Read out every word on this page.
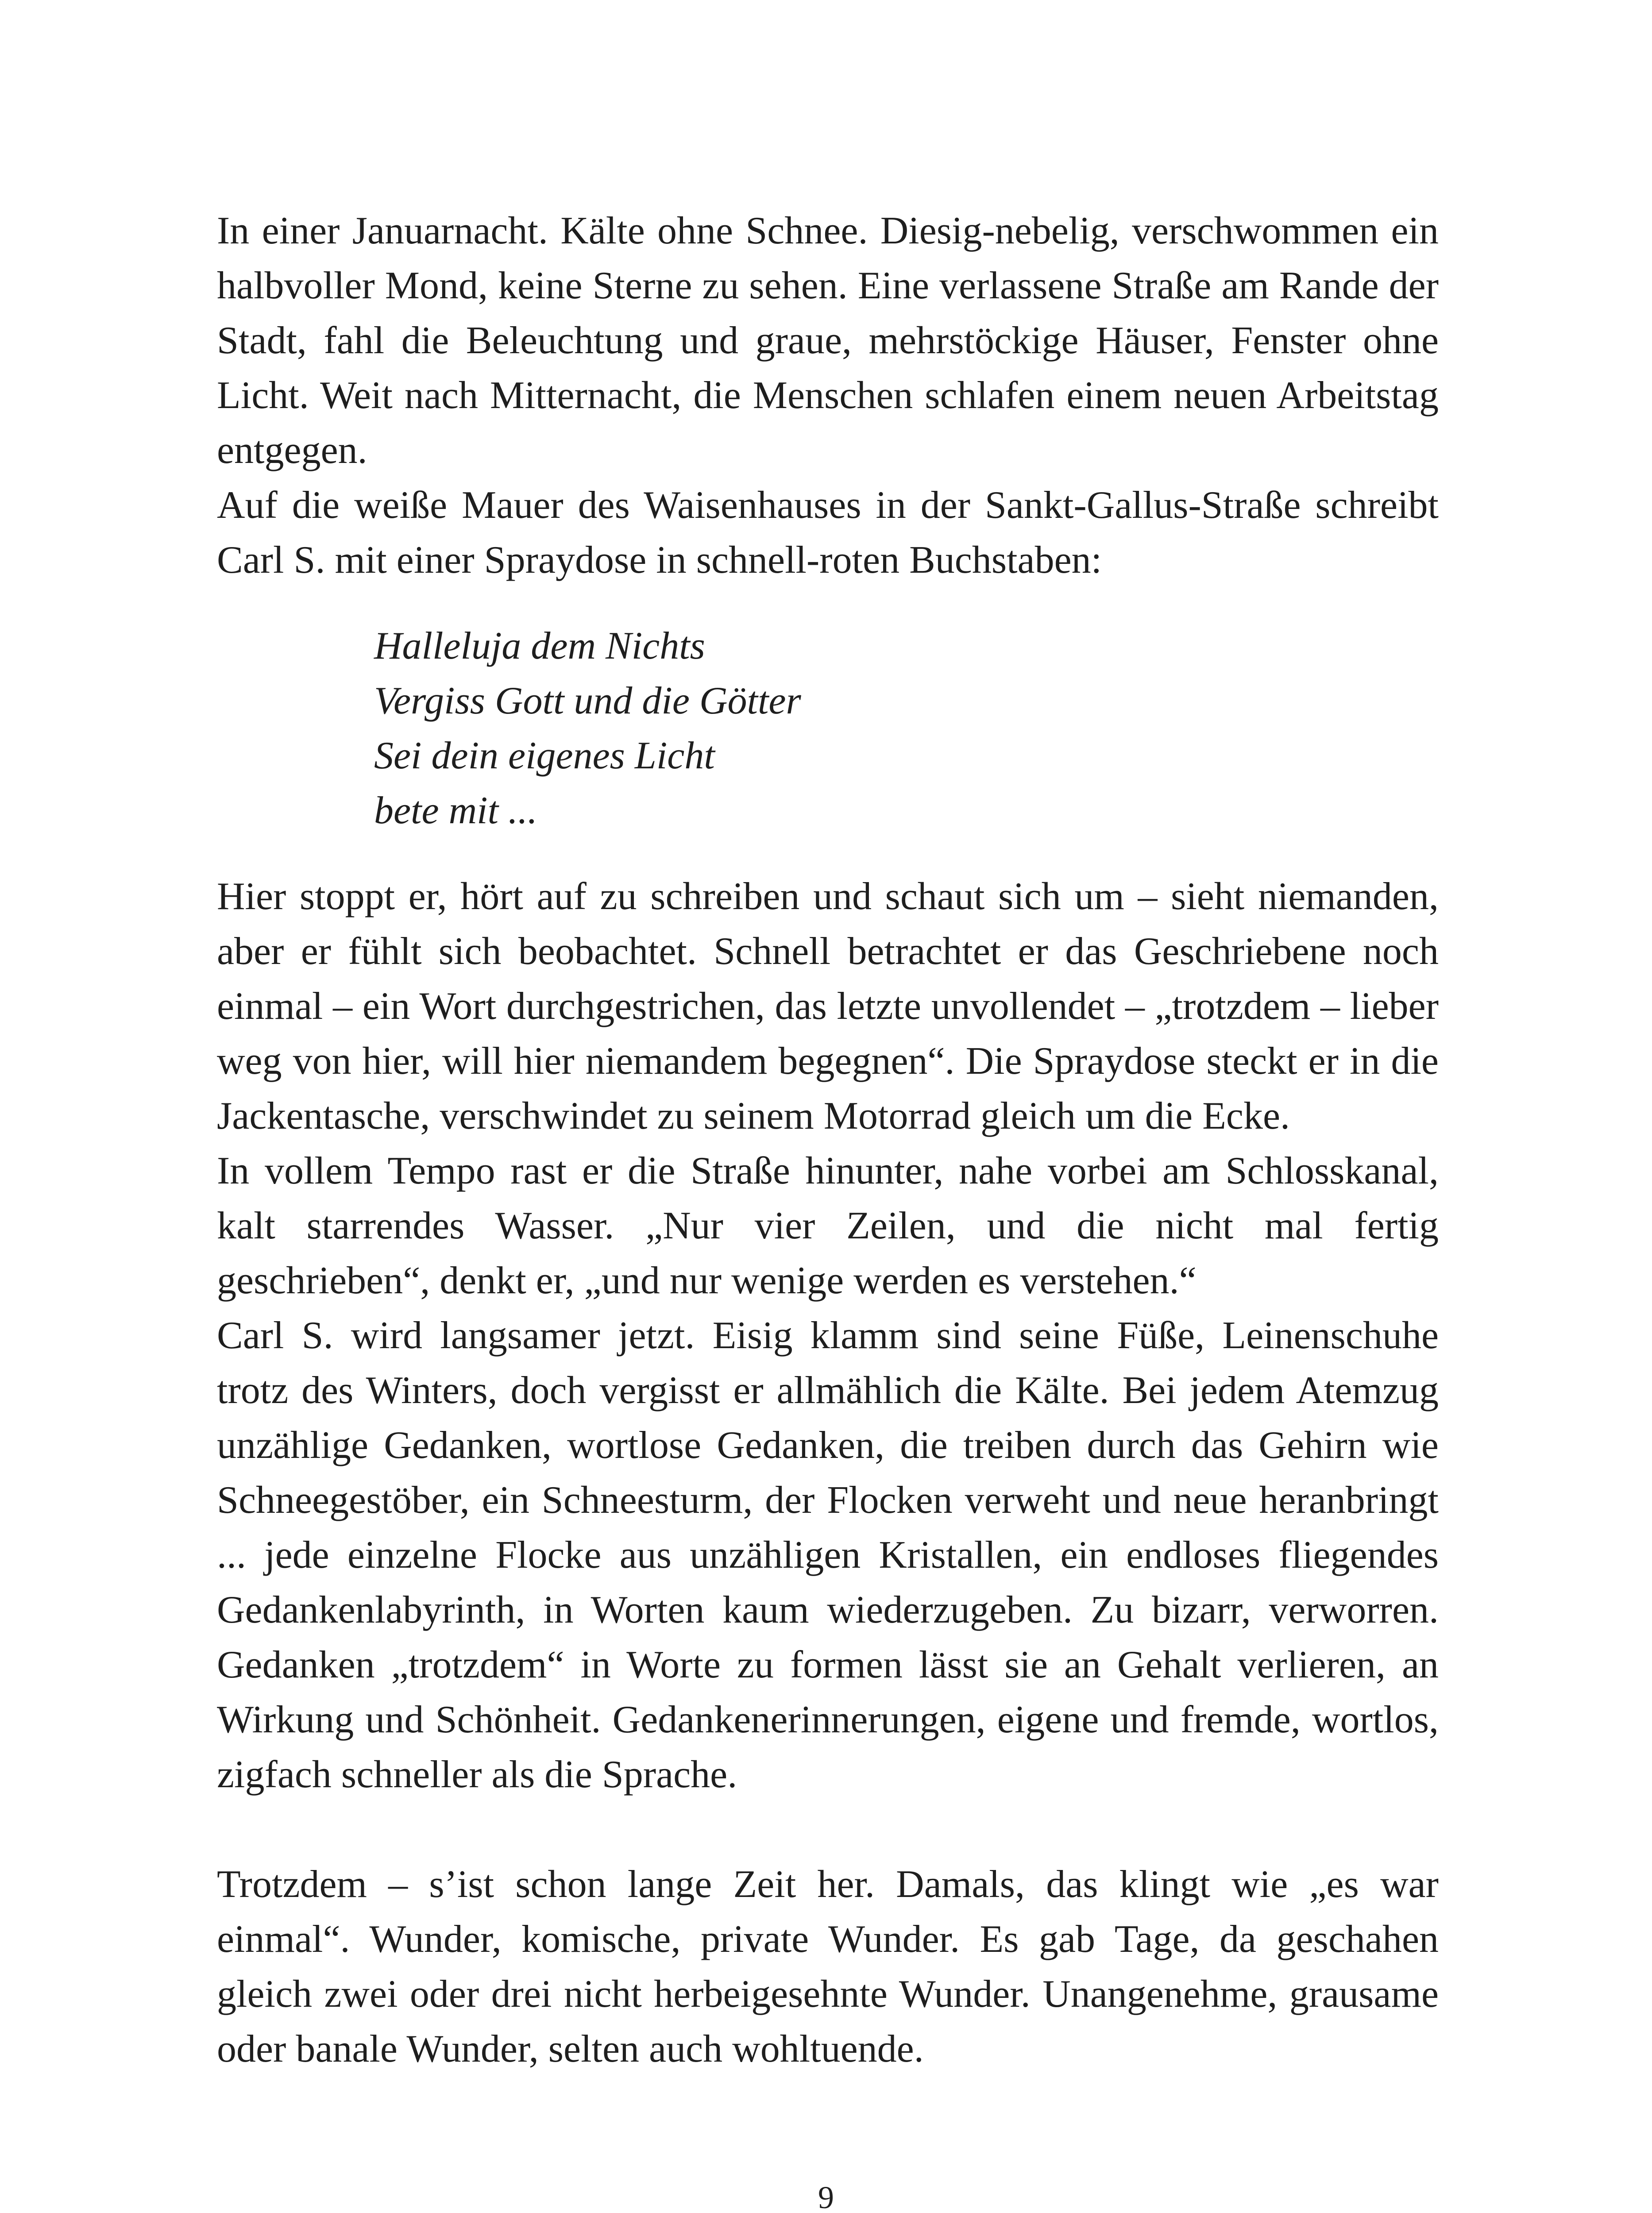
In einer Januarnacht. Kälte ohne Schnee. Diesig-nebelig, verschwommen ein halbvoller Mond, keine Sterne zu sehen. Eine verlassene Straße am Rande der Stadt, fahl die Beleuchtung und graue, mehrstöckige Häuser, Fenster ohne Licht. Weit nach Mitternacht, die Menschen schlafen einem neuen Arbeitstag entgegen.

Auf die weiße Mauer des Waisenhauses in der Sankt-Gallus-Straße schreibt Carl S. mit einer Spraydose in schnell-roten Buchstaben:

Halleluja dem Nichts
Vergiss Gott und die Götter
Sei dein eigenes Licht
bete mit ...

Hier stoppt er, hört auf zu schreiben und schaut sich um – sieht niemanden, aber er fühlt sich beobachtet. Schnell betrachtet er das Geschriebene noch einmal – ein Wort durchgestrichen, das letzte unvollendet – „trotzdem – lieber weg von hier, will hier niemandem begegnen“. Die Spraydose steckt er in die Jackentasche, verschwindet zu seinem Motorrad gleich um die Ecke.

In vollem Tempo rast er die Straße hinunter, nahe vorbei am Schlosskanal, kalt starrendes Wasser. „Nur vier Zeilen, und die nicht mal fertig geschrieben“, denkt er, „und nur wenige werden es verstehen.“

Carl S. wird langsamer jetzt. Eisig klamm sind seine Füße, Leinenschuhe trotz des Winters, doch vergisst er allmählich die Kälte. Bei jedem Atemzug unzählige Gedanken, wortlose Gedanken, die treiben durch das Gehirn wie Schneegestöber, ein Schneesturm, der Flocken verweht und neue heranbringt ... jede einzelne Flocke aus unzähligen Kristallen, ein endloses fliegendes Gedankenlabyrinth, in Worten kaum wiederzugeben. Zu bizarr, verworren. Gedanken „trotzdem“ in Worte zu formen lässt sie an Gehalt verlieren, an Wirkung und Schönheit. Gedankenerinnerungen, eigene und fremde, wortlos, zigfach schneller als die Sprache.

Trotzdem – s’ist schon lange Zeit her. Damals, das klingt wie „es war einmal“. Wunder, komische, private Wunder. Es gab Tage, da geschahen gleich zwei oder drei nicht herbeigesehnte Wunder. Unangenehme, grausame oder banale Wunder, selten auch wohltuende.

9
